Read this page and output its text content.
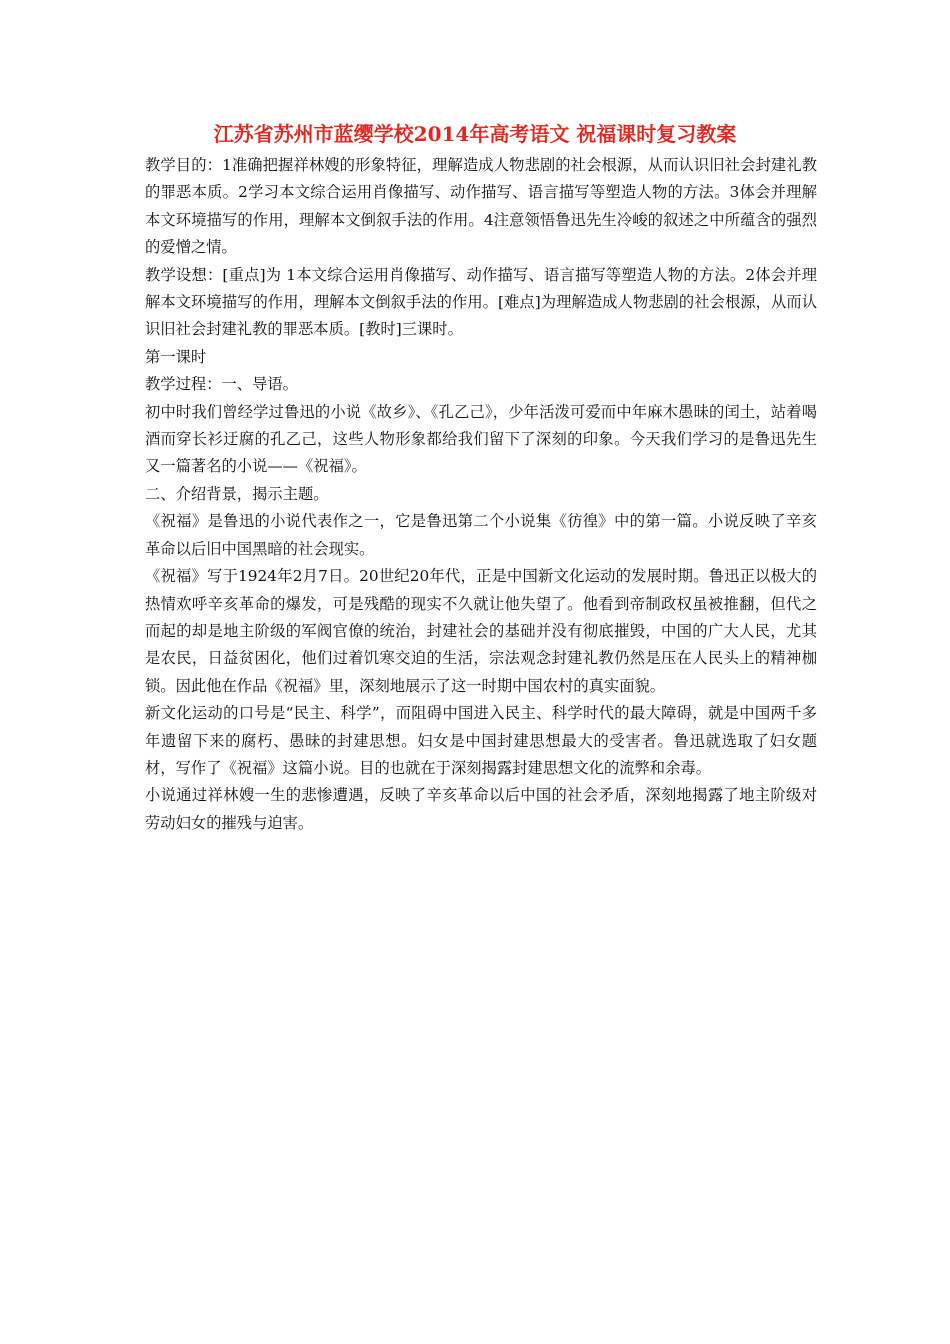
江苏省苏州市蓝缨学校2014年高考语文 祝福课时复习教案

教学目的：1准确把握祥林嫂的形象特征，理解造成人物悲剧的社会根源，从而认识旧社会封建礼教的罪恶本质。2学习本文综合运用肖像描写、动作描写、语言描写等塑造人物的方法。3体会并理解本文环境描写的作用，理解本文倒叙手法的作用。4注意领悟鲁迅先生冷峻的叙述之中所蕴含的强烈的爱憎之情。

教学设想：[重点]为 1本文综合运用肖像描写、动作描写、语言描写等塑造人物的方法。2体会并理解本文环境描写的作用，理解本文倒叙手法的作用。[难点]为理解造成人物悲剧的社会根源，从而认识旧社会封建礼教的罪恶本质。[教时]三课时。

第一课时

教学过程：一、导语。

初中时我们曾经学过鲁迅的小说《故乡》、《孔乙己》，少年活泼可爱而中年麻木愚昧的闰土，站着喝酒而穿长衫迂腐的孔乙己，这些人物形象都给我们留下了深刻的印象。今天我们学习的是鲁迅先生又一篇著名的小说——《祝福》。

二、介绍背景，揭示主题。

《祝福》是鲁迅的小说代表作之一，它是鲁迅第二个小说集《彷徨》中的第一篇。小说反映了辛亥革命以后旧中国黑暗的社会现实。

《祝福》写于1924年2月7日。20世纪20年代，正是中国新文化运动的发展时期。鲁迅正以极大的热情欢呼辛亥革命的爆发，可是残酷的现实不久就让他失望了。他看到帝制政权虽被推翻，但代之而起的却是地主阶级的军阀官僚的统治，封建社会的基础并没有彻底摧毁，中国的广大人民，尤其是农民，日益贫困化，他们过着饥寒交迫的生活，宗法观念封建礼教仍然是压在人民头上的精神枷锁。因此他在作品《祝福》里，深刻地展示了这一时期中国农村的真实面貌。

新文化运动的口号是“民主、科学”，而阻碍中国进入民主、科学时代的最大障碍，就是中国两千多年遗留下来的腐朽、愚昧的封建思想。妇女是中国封建思想最大的受害者。鲁迅就选取了妇女题材，写作了《祝福》这篇小说。目的也就在于深刻揭露封建思想文化的流弊和余毒。

小说通过祥林嫂一生的悲惨遭遇，反映了辛亥革命以后中国的社会矛盾，深刻地揭露了地主阶级对劳动妇女的摧残与迫害。
